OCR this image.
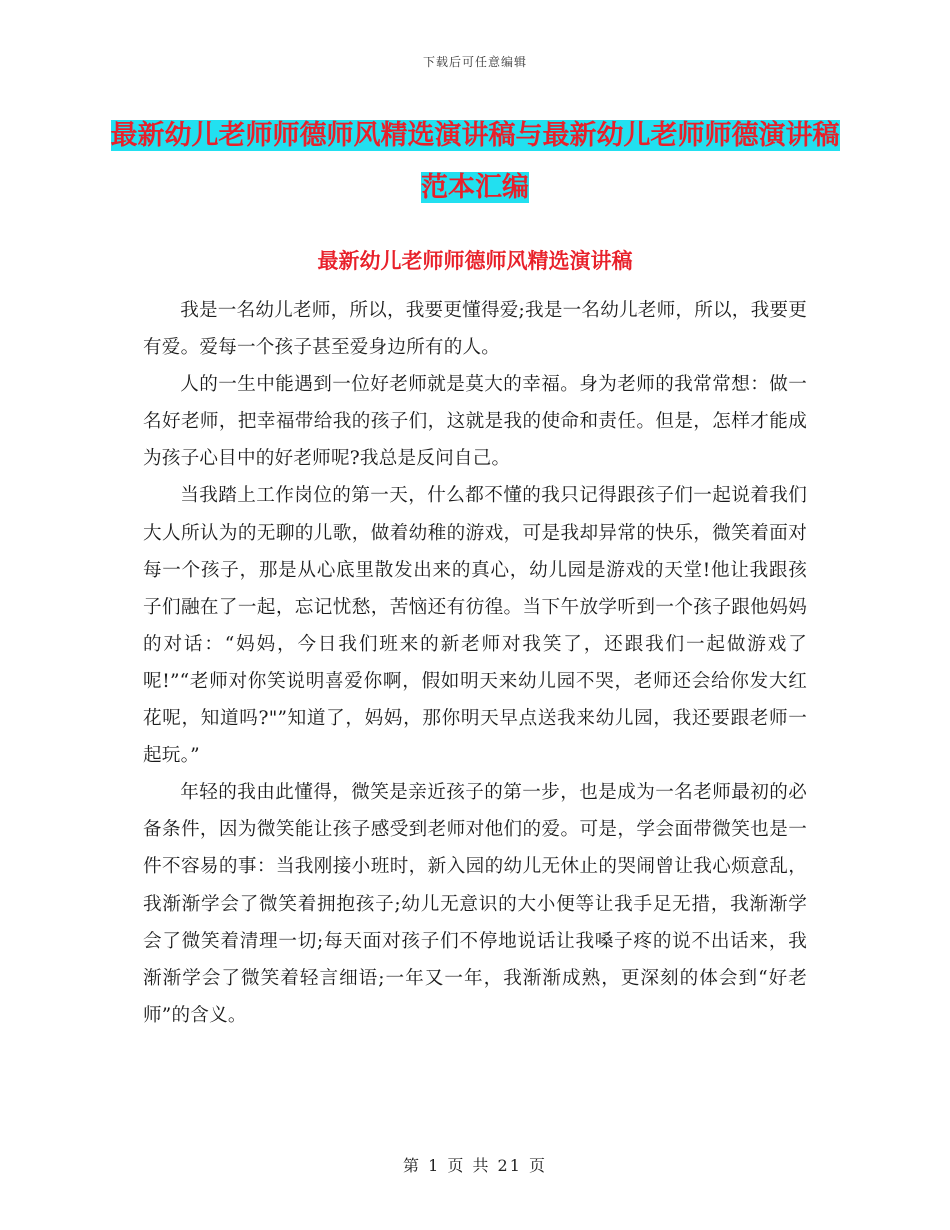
下载后可任意编辑
最新幼儿老师师德师风精选演讲稿与最新幼儿老师师德演讲稿范本汇编
最新幼儿老师师德师风精选演讲稿

我是一名幼儿老师，所以，我要更懂得爱;我是一名幼儿老师，所以，我要更有爱。爱每一个孩子甚至爱身边所有的人。

人的一生中能遇到一位好老师就是莫大的幸福。身为老师的我常常想：做一名好老师，把幸福带给我的孩子们，这就是我的使命和责任。但是，怎样才能成为孩子心目中的好老师呢?我总是反问自己。

当我踏上工作岗位的第一天，什么都不懂的我只记得跟孩子们一起说着我们大人所认为的无聊的儿歌，做着幼稚的游戏，可是我却异常的快乐，微笑着面对每一个孩子，那是从心底里散发出来的真心，幼儿园是游戏的天堂!他让我跟孩子们融在了一起，忘记忧愁，苦恼还有彷徨。当下午放学听到一个孩子跟他妈妈的对话：“妈妈，今日我们班来的新老师对我笑了，还跟我们一起做游戏了呢!”“老师对你笑说明喜爱你啊，假如明天来幼儿园不哭，老师还会给你发大红花呢，知道吗?"”知道了，妈妈，那你明天早点送我来幼儿园，我还要跟老师一起玩。”

年轻的我由此懂得，微笑是亲近孩子的第一步，也是成为一名老师最初的必备条件，因为微笑能让孩子感受到老师对他们的爱。可是，学会面带微笑也是一件不容易的事：当我刚接小班时，新入园的幼儿无休止的哭闹曾让我心烦意乱，我渐渐学会了微笑着拥抱孩子;幼儿无意识的大小便等让我手足无措，我渐渐学会了微笑着清理一切;每天面对孩子们不停地说话让我嗓子疼的说不出话来，我渐渐学会了微笑着轻言细语;一年又一年，我渐渐成熟，更深刻的体会到“好老师”的含义。

第 1 页 共 21 页
